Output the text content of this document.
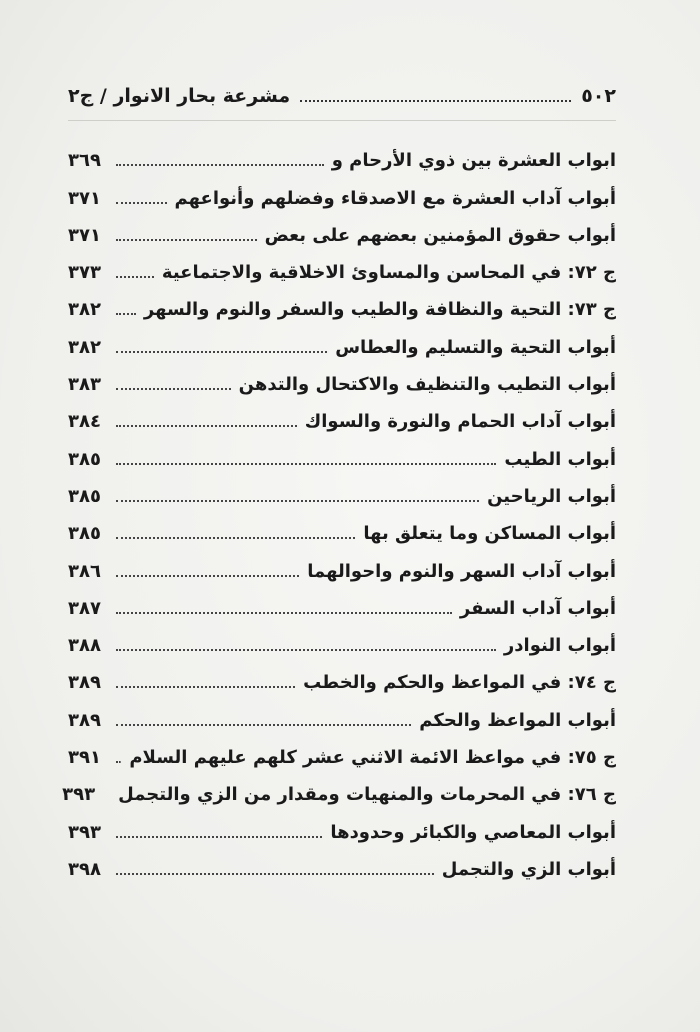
٥٠٢
مشرعة بحار الانوار / ج٢
ابواب العشرة بين ذوي الأرحام و
٣٦٩
أبواب آداب العشرة مع الاصدقاء وفضلهم وأنواعهم
٣٧١
أبواب حقوق المؤمنين بعضهم على بعض
٣٧١
ج ٧٢: في المحاسن والمساوئ الاخلاقية والاجتماعية
٣٧٣
ج ٧٣: التحية والنظافة والطيب والسفر والنوم والسهر
٣٨٢
أبواب التحية والتسليم والعطاس
٣٨٢
أبواب التطيب والتنظيف والاكتحال والتدهن
٣٨٣
أبواب آداب الحمام والنورة والسواك
٣٨٤
أبواب الطيب
٣٨٥
أبواب الرياحين
٣٨٥
أبواب المساكن وما يتعلق بها
٣٨٥
أبواب آداب السهر والنوم واحوالهما
٣٨٦
أبواب آداب السفر
٣٨٧
أبواب النوادر
٣٨٨
ج ٧٤: في المواعظ والحكم والخطب
٣٨٩
أبواب المواعظ والحكم
٣٨٩
ج ٧٥: في مواعظ الائمة الاثني عشر كلهم عليهم السلام
٣٩١
ج ٧٦: في المحرمات والمنهيات ومقدار من الزي والتجمل
٣٩٣
أبواب المعاصي والكبائر وحدودها
٣٩٣
أبواب الزي والتجمل
٣٩٨
